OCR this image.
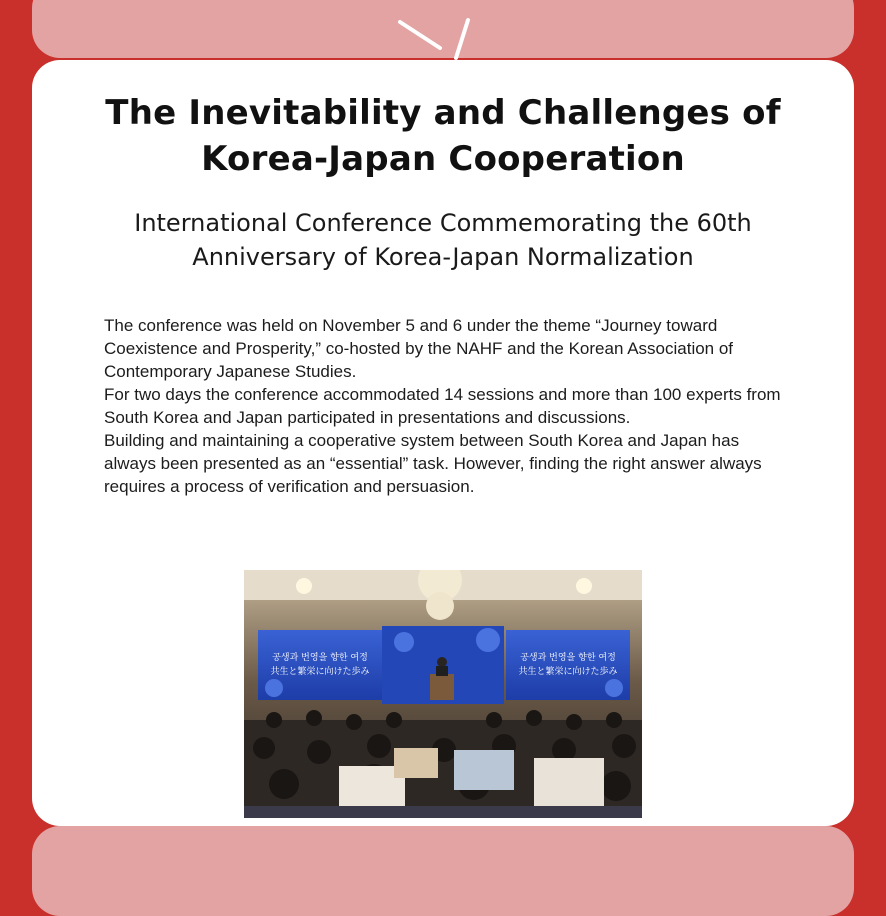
The Inevitability and Challenges of
Korea-Japan Cooperation
International Conference Commemorating the 60th
Anniversary of Korea-Japan Normalization

The conference was held on November 5 and 6 under the theme “Journey toward Coexistence and Prosperity,” co-hosted by the NAHF and the Korean Association of Contemporary Japanese Studies.

For two days the conference accommodated 14 sessions and more than 100 experts from South Korea and Japan participated in presentations and discussions.

Building and maintaining a cooperative system between South Korea and Japan has always been presented as an “essential” task. However, finding the right answer always requires a process of verification and persuasion.

공생과 번영을 향한 여정
共生と繁栄に向けた歩み
공생과 번영을 향한 여정
共生と繁栄に向けた歩み
